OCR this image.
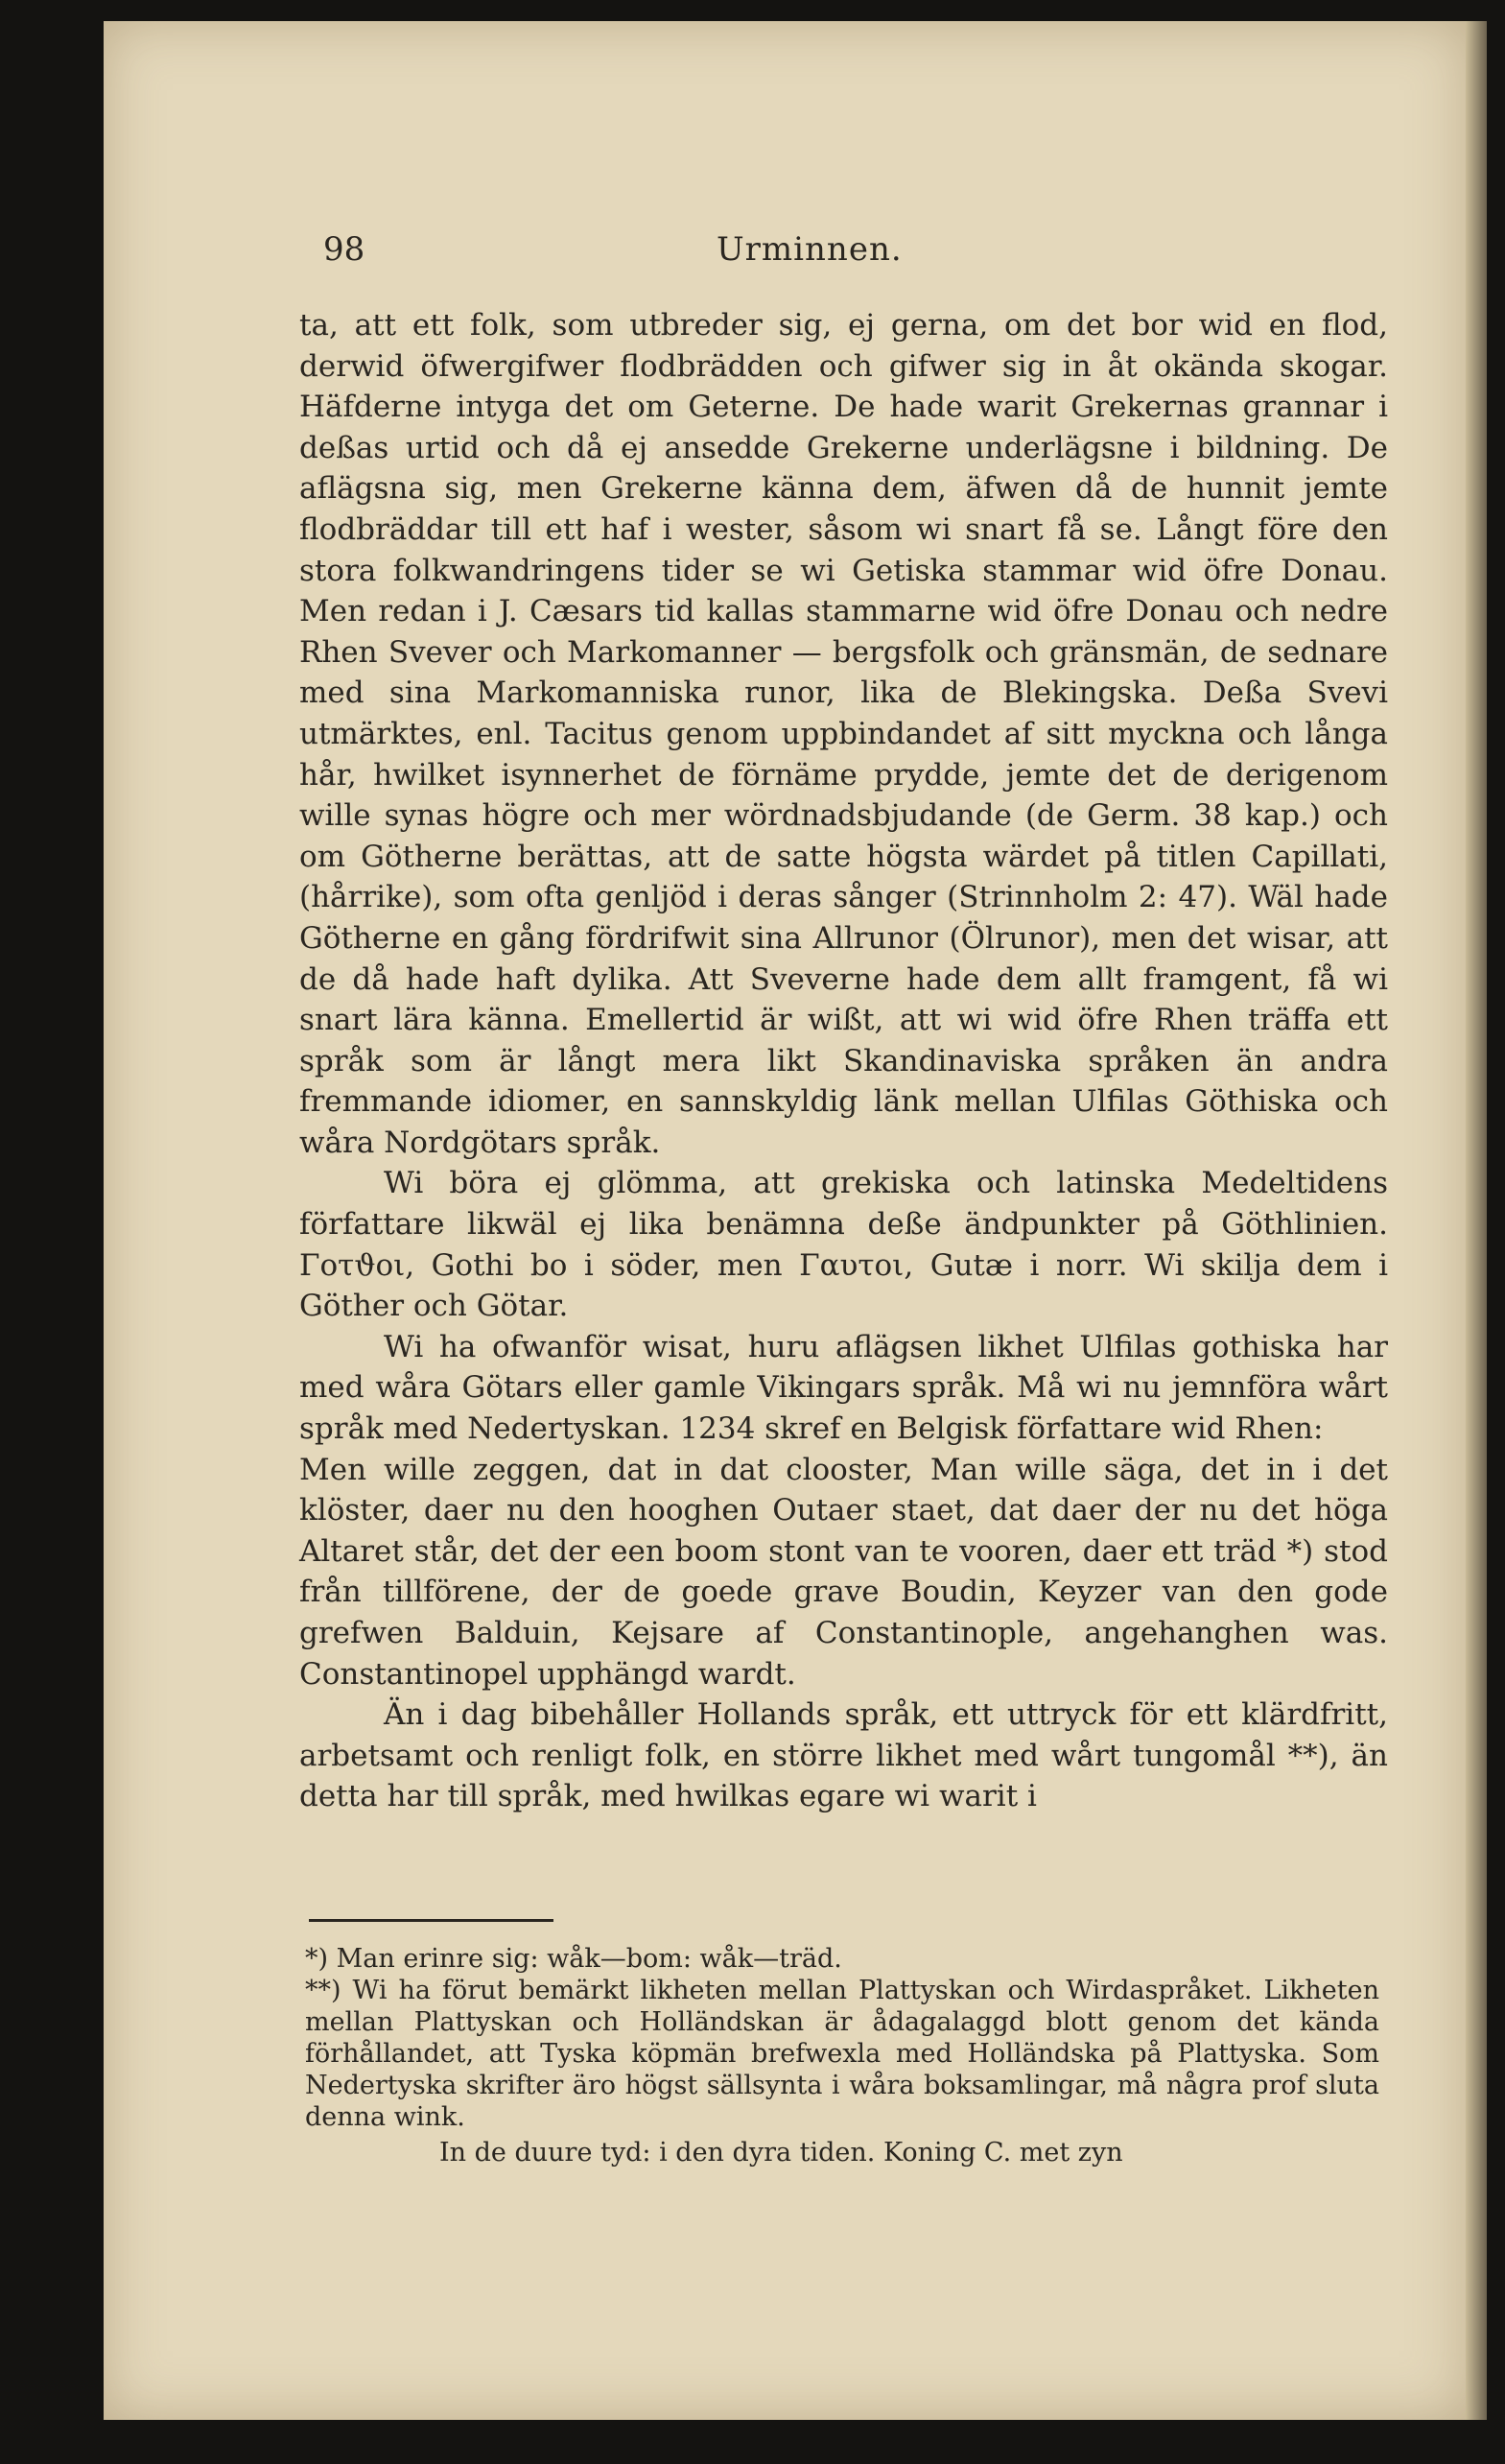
98	Urminnen.

ta, att ett folk, som utbreder sig, ej gerna, om det bor wid en flod, derwid öfwergifwer flodbrädden och gifwer sig in åt okända skogar. Häfderne intyga det om Geterne. De hade warit Grekernas grannar i deßas urtid och då ej ansedde Grekerne underlägsne i bildning. De aflägsna sig, men Grekerne känna dem, äfwen då de hunnit jemte flodbräddar till ett haf i wester, såsom wi snart få se. Långt före den stora folkwandringens tider se wi Getiska stammar wid öfre Donau. Men redan i J. Cæsars tid kallas stammarne wid öfre Donau och nedre Rhen Svever och Markomanner — bergsfolk och gränsmän, de sednare med sina Markomanniska runor, lika de Blekingska. Deßa Svevi utmärktes, enl. Tacitus genom uppbindandet af sitt myckna och långa hår, hwilket isynnerhet de förnäme prydde, jemte det de derigenom wille synas högre och mer wördnadsbjudande (de Germ. 38 kap.) och om Götherne berättas, att de satte högsta wärdet på titlen Capillati, (hårrike), som ofta genljöd i deras sånger (Strinnholm 2: 47). Wäl hade Götherne en gång fördrifwit sina Allrunor (Ölrunor), men det wisar, att de då hade haft dylika. Att Sveverne hade dem allt framgent, få wi snart lära känna. Emellertid är wißt, att wi wid öfre Rhen träffa ett språk som är långt mera likt Skandinaviska språken än andra fremmande idiomer, en sannskyldig länk mellan Ulfilas Göthiska och wåra Nordgötars språk.

Wi böra ej glömma, att grekiska och latinska Medeltidens författare likwäl ej lika benämna deße ändpunkter på Göthlinien. Γοτϑοι, Gothi bo i söder, men Γαυτοι, Gutæ i norr. Wi skilja dem i Göther och Götar.

Wi ha ofwanför wisat, huru aflägsen likhet Ulfilas gothiska har med wåra Götars eller gamle Vikingars språk. Må wi nu jemnföra wårt språk med Nedertyskan. 1234 skref en Belgisk författare wid Rhen:

Men wille zeggen, dat in dat clooster, Man wille säga, det in i det klöster, daer nu den hooghen Outaer staet, dat daer der nu det höga Altaret står, det der een boom stont van te vooren, daer ett träd *) stod från tillförene, der de goede grave Boudin, Keyzer van den gode grefwen Balduin, Kejsare af Constantinople, angehanghen was. Constantinopel upphängd wardt.

Än i dag bibehåller Hollands språk, ett uttryck för ett klärdfritt, arbetsamt och renligt folk, en större likhet med wårt tungomål **), än detta har till språk, med hwilkas egare wi warit i

*) Man erinre sig: wåk—bom: wåk—träd.

**) Wi ha förut bemärkt likheten mellan Plattyskan och Wirdaspråket. Likheten mellan Plattyskan och Holländskan är ådagalaggd blott genom det kända förhållandet, att Tyska köpmän brefwexla med Holländska på Plattyska. Som Nedertyska skrifter äro högst sällsynta i wåra boksamlingar, må några prof sluta denna wink.

In de duure tyd: i den dyra tiden. Koning C. met zyn
